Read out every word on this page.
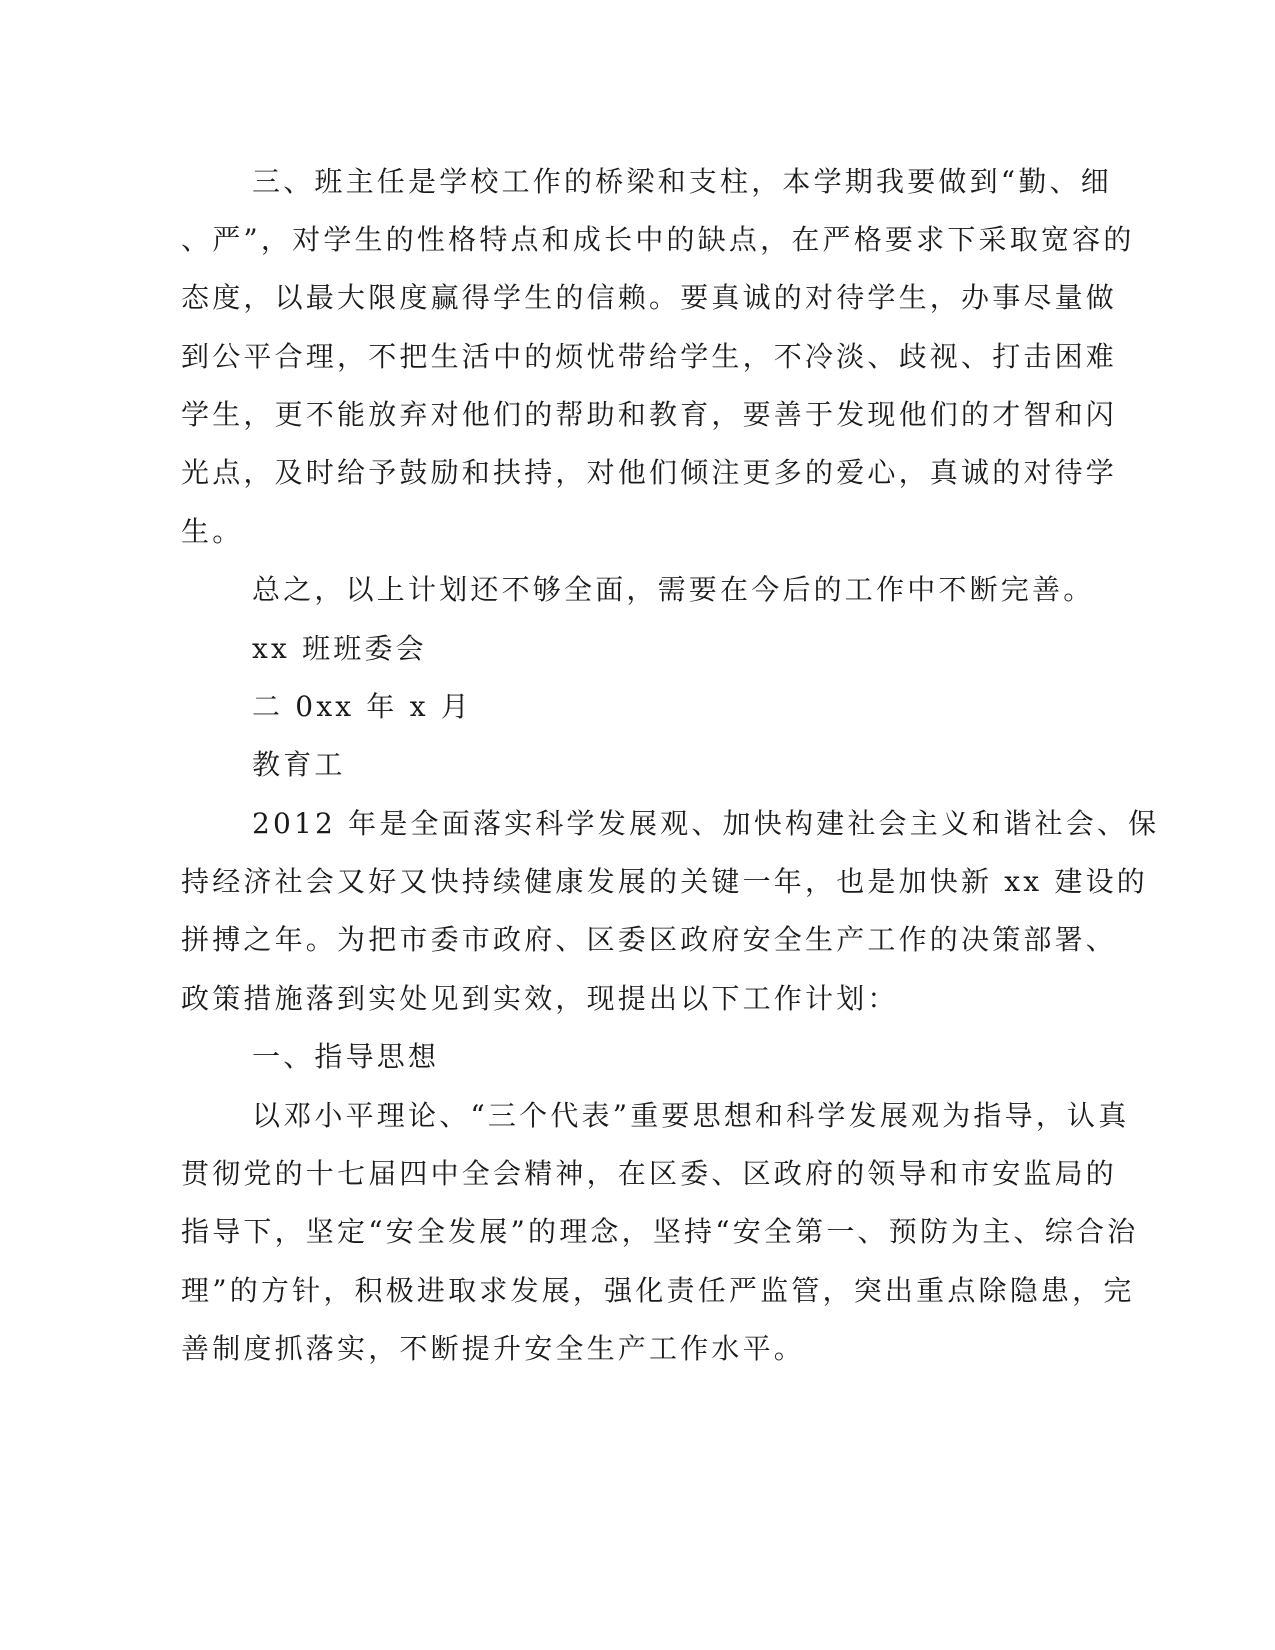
三、班主任是学校工作的桥梁和支柱，本学期我要做到“勤、细
、严”，对学生的性格特点和成长中的缺点，在严格要求下采取宽容的
态度，以最大限度赢得学生的信赖。要真诚的对待学生，办事尽量做
到公平合理，不把生活中的烦忧带给学生，不冷淡、歧视、打击困难
学生，更不能放弃对他们的帮助和教育，要善于发现他们的才智和闪
光点，及时给予鼓励和扶持，对他们倾注更多的爱心，真诚的对待学
生。
总之，以上计划还不够全面，需要在今后的工作中不断完善。
xx 班班委会
二 0xx 年 x 月
教育工
2012 年是全面落实科学发展观、加快构建社会主义和谐社会、保
持经济社会又好又快持续健康发展的关键一年，也是加快新 xx 建设的
拼搏之年。为把市委市政府、区委区政府安全生产工作的决策部署、
政策措施落到实处见到实效，现提出以下工作计划：
一、指导思想
以邓小平理论、“三个代表”重要思想和科学发展观为指导，认真
贯彻党的十七届四中全会精神，在区委、区政府的领导和市安监局的
指导下，坚定“安全发展”的理念，坚持“安全第一、预防为主、综合治
理”的方针，积极进取求发展，强化责任严监管，突出重点除隐患，完
善制度抓落实，不断提升安全生产工作水平。
